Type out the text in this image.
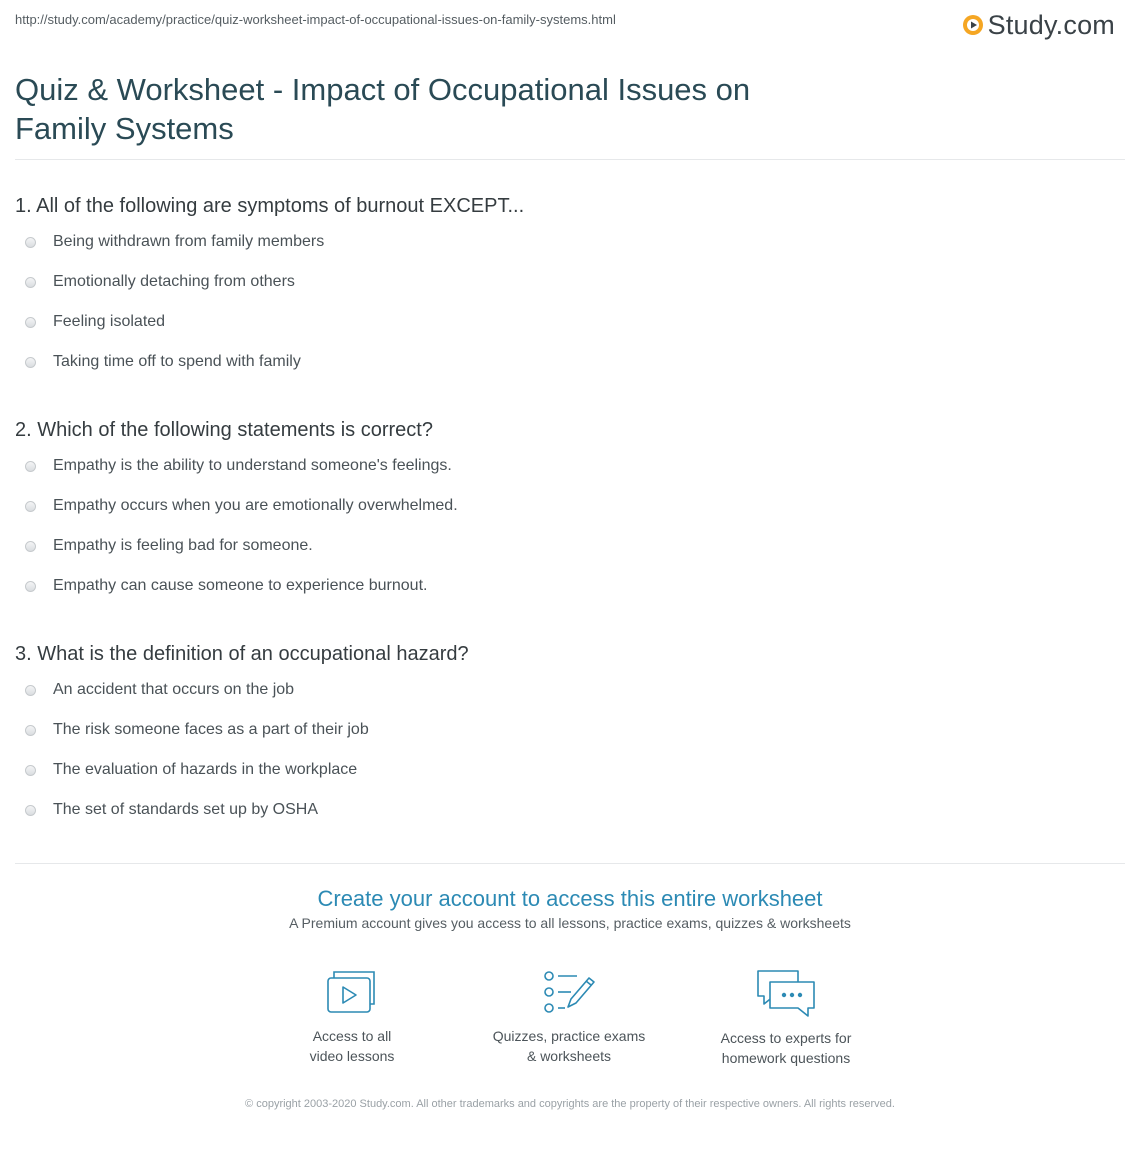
http://study.com/academy/practice/quiz-worksheet-impact-of-occupational-issues-on-family-systems.html	Study.com
Quiz & Worksheet - Impact of Occupational Issues on Family Systems
1. All of the following are symptoms of burnout EXCEPT...
Being withdrawn from family members
Emotionally detaching from others
Feeling isolated
Taking time off to spend with family
2. Which of the following statements is correct?
Empathy is the ability to understand someone's feelings.
Empathy occurs when you are emotionally overwhelmed.
Empathy is feeling bad for someone.
Empathy can cause someone to experience burnout.
3. What is the definition of an occupational hazard?
An accident that occurs on the job
The risk someone faces as a part of their job
The evaluation of hazards in the workplace
The set of standards set up by OSHA
Create your account to access this entire worksheet
A Premium account gives you access to all lessons, practice exams, quizzes & worksheets
Access to all
video lessons
Quizzes, practice exams
& worksheets
Access to experts for
homework questions
© copyright 2003-2020 Study.com. All other trademarks and copyrights are the property of their respective owners. All rights reserved.
